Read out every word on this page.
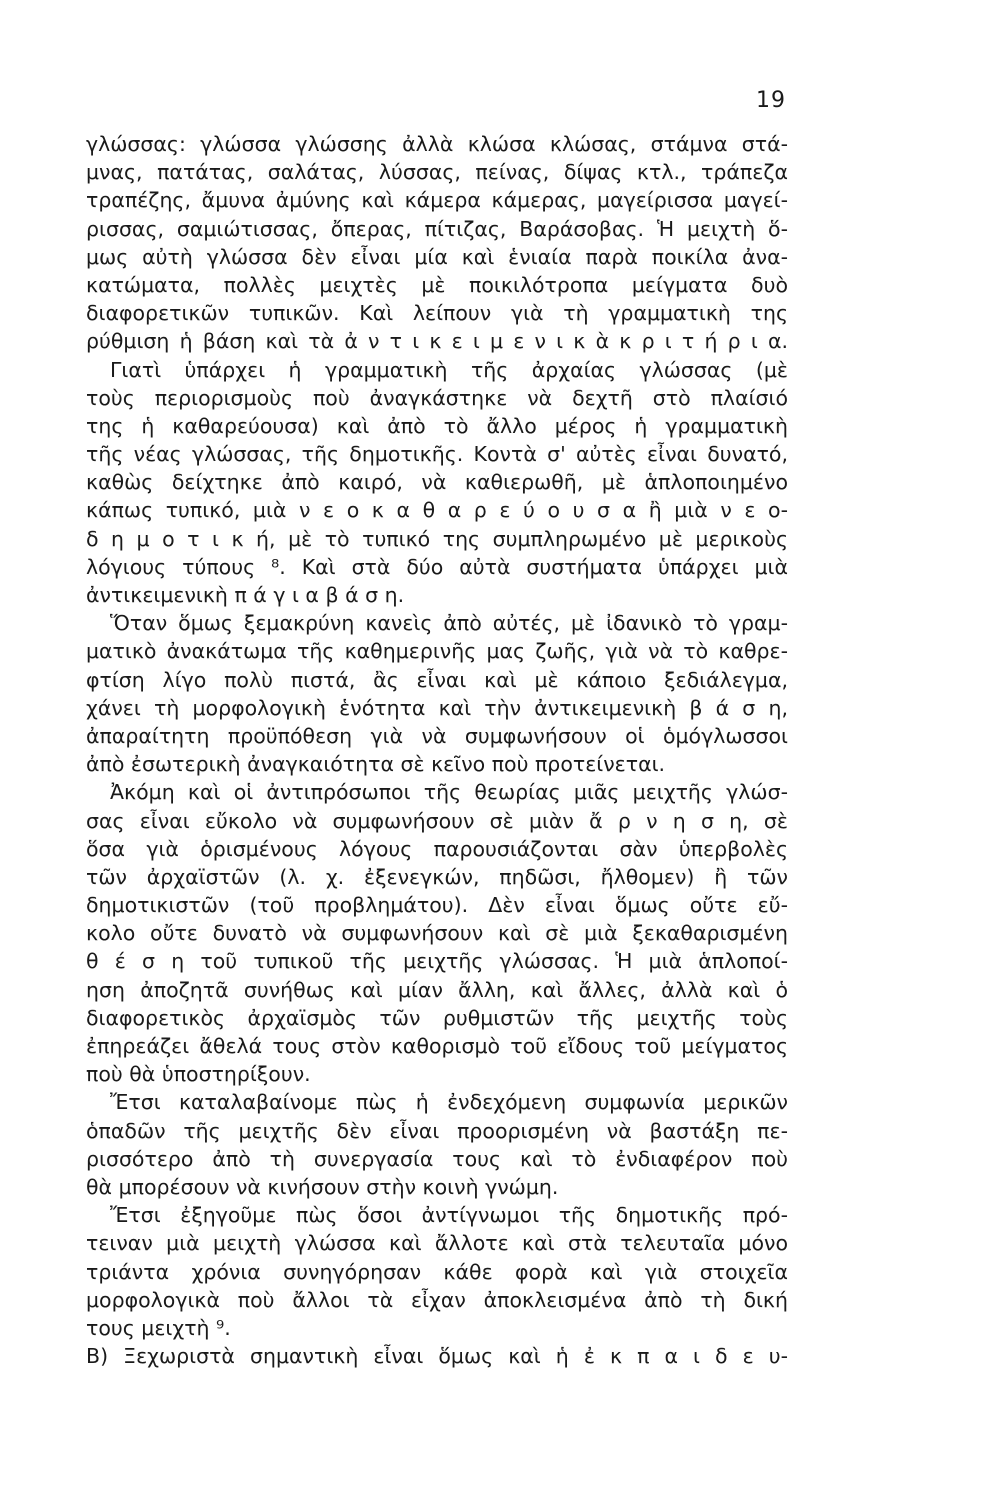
19
γλώσσας: γλώσσα γλώσσης ἀλλὰ κλώσα κλώσας, στάμνα στά-
μνας, πατάτας, σαλάτας, λύσσας, πείνας, δίψας κτλ., τράπεζα
τραπέζης, ἄμυνα ἀμύνης καὶ κάμερα κάμερας, μαγείρισσα μαγεί-
ρισσας, σαμιώτισσας, ὄπερας, πίτιζας, Βαράσοβας. Ἡ μειχτὴ ὅ-
μως αὐτὴ γλώσσα δὲν εἶναι μία καὶ ἑνιαία παρὰ ποικίλα ἀνα-
κατώματα, πολλὲς μειχτὲς μὲ ποικιλότροπα μείγματα δυὸ
διαφορετικῶν τυπικῶν. Καὶ λείπουν γιὰ τὴ γραμματικὴ της
ρύθμιση ἡ βάση καὶ τὰ ἀ ν τ ι κ ε ι μ ε ν ι κ ὰ κ ρ ι τ ή ρ ι α.
Γιατὶ ὑπάρχει ἡ γραμματικὴ τῆς ἀρχαίας γλώσσας (μὲ
τοὺς περιορισμοὺς ποὺ ἀναγκάστηκε νὰ δεχτῆ στὸ πλαίσιό
της ἡ καθαρεύουσα) καὶ ἀπὸ τὸ ἄλλο μέρος ἡ γραμματικὴ
τῆς νέας γλώσσας, τῆς δημοτικῆς. Κοντὰ σ' αὐτὲς εἶναι δυνατό,
καθὼς δείχτηκε ἀπὸ καιρό, νὰ καθιερωθῆ, μὲ ἁπλοποιημένο
κάπως τυπικό, μιὰ ν ε ο κ α θ α ρ ε ύ ο υ σ α ἢ μιὰ ν ε ο-
δ η μ ο τ ι κ ή, μὲ τὸ τυπικό της συμπληρωμένο μὲ μερικοὺς
λόγιους τύπους ⁸. Καὶ στὰ δύο αὐτὰ συστήματα ὑπάρχει μιὰ
ἀντικειμενικὴ π ά γ ι α β ά σ η.
Ὅταν ὅμως ξεμακρύνη κανεὶς ἀπὸ αὐτές, μὲ ἰδανικὸ τὸ γραμ-
ματικὸ ἀνακάτωμα τῆς καθημερινῆς μας ζωῆς, γιὰ νὰ τὸ καθρε-
φτίση λίγο πολὺ πιστά, ἂς εἶναι καὶ μὲ κάποιο ξεδιάλεγμα,
χάνει τὴ μορφολογικὴ ἑνότητα καὶ τὴν ἀντικειμενικὴ β ά σ η,
ἀπαραίτητη προϋπόθεση γιὰ νὰ συμφωνήσουν οἱ ὁμόγλωσσοι
ἀπὸ ἐσωτερικὴ ἀναγκαιότητα σὲ κεῖνο ποὺ προτείνεται.
Ἀκόμη καὶ οἱ ἀντιπρόσωποι τῆς θεωρίας μιᾶς μειχτῆς γλώσ-
σας εἶναι εὔκολο νὰ συμφωνήσουν σὲ μιὰν ἄ ρ ν η σ η, σὲ
ὅσα γιὰ ὁρισμένους λόγους παρουσιάζονται σὰν ὑπερβολὲς
τῶν ἀρχαϊστῶν (λ. χ. ἐξενεγκών, πηδῶσι, ἤλθομεν) ἢ τῶν
δημοτικιστῶν (τοῦ προβλημάτου). Δὲν εἶναι ὅμως οὔτε εὔ-
κολο οὔτε δυνατὸ νὰ συμφωνήσουν καὶ σὲ μιὰ ξεκαθαρισμένη
θ έ σ η τοῦ τυπικοῦ τῆς μειχτῆς γλώσσας. Ἡ μιὰ ἁπλοποί-
ηση ἀποζητᾶ συνήθως καὶ μίαν ἄλλη, καὶ ἄλλες, ἀλλὰ καὶ ὁ
διαφορετικὸς ἀρχαϊσμὸς τῶν ρυθμιστῶν τῆς μειχτῆς τοὺς
ἐπηρεάζει ἄθελά τους στὸν καθορισμὸ τοῦ εἴδους τοῦ μείγματος
ποὺ θὰ ὑποστηρίξουν.
Ἔτσι καταλαβαίνομε πὼς ἡ ἐνδεχόμενη συμφωνία μερικῶν
ὁπαδῶν τῆς μειχτῆς δὲν εἶναι προορισμένη νὰ βαστάξη πε-
ρισσότερο ἀπὸ τὴ συνεργασία τους καὶ τὸ ἐνδιαφέρον ποὺ
θὰ μπορέσουν νὰ κινήσουν στὴν κοινὴ γνώμη.
Ἔτσι ἐξηγοῦμε πὼς ὅσοι ἀντίγνωμοι τῆς δημοτικῆς πρό-
τειναν μιὰ μειχτὴ γλώσσα καὶ ἄλλοτε καὶ στὰ τελευταῖα μόνο
τριάντα χρόνια συνηγόρησαν κάθε φορὰ καὶ γιὰ στοιχεῖα
μορφολογικὰ ποὺ ἄλλοι τὰ εἶχαν ἀποκλεισμένα ἀπὸ τὴ δική
τους μειχτὴ ⁹.
Β) Ξεχωριστὰ σημαντικὴ εἶναι ὅμως καὶ ἡ ἐ κ π α ι δ ε υ-
